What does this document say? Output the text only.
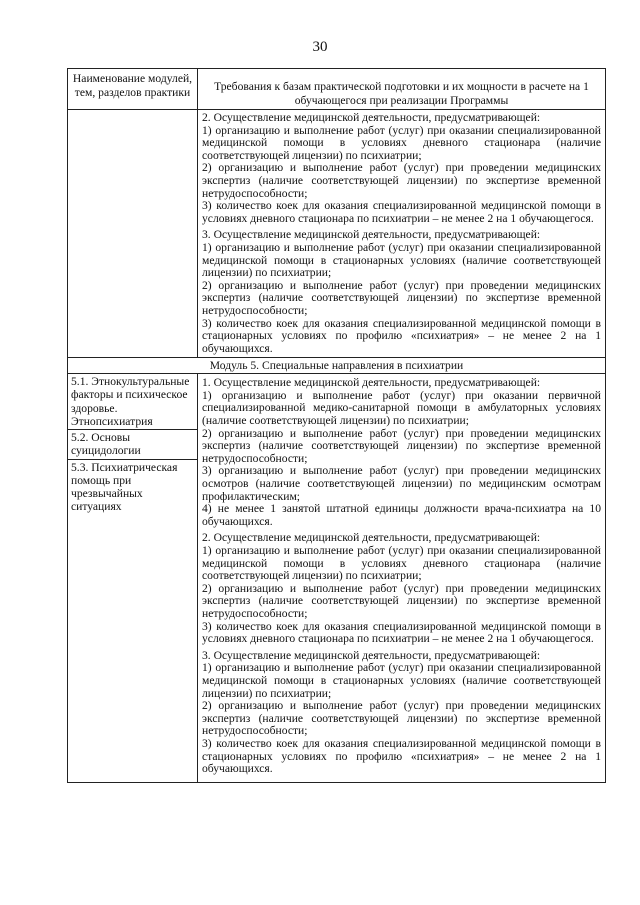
30
Наименование модулей, тем, разделов практики	Требования к базам практической подготовки и их мощности в расчете на 1 обучающегося при реализации Программы

2. Осуществление медицинской деятельности, предусматривающей:

1) организацию и выполнение работ (услуг) при оказании специализированной медицинской помощи в условиях дневного стационара (наличие соответствующей лицензии) по психиатрии;

2) организацию и выполнение работ (услуг) при проведении медицинских экспертиз (наличие соответствующей лицензии) по экспертизе временной нетрудоспособности;

3) количество коек для оказания специализированной медицинской помощи в условиях дневного стационара по психиатрии – не менее 2 на 1 обучающегося.

3. Осуществление медицинской деятельности, предусматривающей:

1) организацию и выполнение работ (услуг) при оказании специализированной медицинской помощи в стационарных условиях (наличие соответствующей лицензии) по психиатрии;

2) организацию и выполнение работ (услуг) при проведении медицинских экспертиз (наличие соответствующей лицензии) по экспертизе временной нетрудоспособности;

3) количество коек для оказания специализированной медицинской помощи в стационарных условиях по профилю «психиатрия» – не менее 2 на 1 обучающихся.

Модуль 5. Специальные направления в психиатрии
5.1. Этнокультуральные факторы и психическое здоровье. Этнопсихиатрия
5.2. Основы суицидологии
5.3. Психиатрическая помощь при чрезвычайных ситуациях

1. Осуществление медицинской деятельности, предусматривающей:

1) организацию и выполнение работ (услуг) при оказании первичной специализированной медико-санитарной помощи в амбулаторных условиях (наличие соответствующей лицензии) по психиатрии;

2) организацию и выполнение работ (услуг) при проведении медицинских экспертиз (наличие соответствующей лицензии) по экспертизе временной нетрудоспособности;

3) организацию и выполнение работ (услуг) при проведении медицинских осмотров (наличие соответствующей лицензии) по медицинским осмотрам профилактическим;

4) не менее 1 занятой штатной единицы должности врача-психиатра на 10 обучающихся.

2. Осуществление медицинской деятельности, предусматривающей:

1) организацию и выполнение работ (услуг) при оказании специализированной медицинской помощи в условиях дневного стационара (наличие соответствующей лицензии) по психиатрии;

2) организацию и выполнение работ (услуг) при проведении медицинских экспертиз (наличие соответствующей лицензии) по экспертизе временной нетрудоспособности;

3) количество коек для оказания специализированной медицинской помощи в условиях дневного стационара по психиатрии – не менее 2 на 1 обучающегося.

3. Осуществление медицинской деятельности, предусматривающей:

1) организацию и выполнение работ (услуг) при оказании специализированной медицинской помощи в стационарных условиях (наличие соответствующей лицензии) по психиатрии;

2) организацию и выполнение работ (услуг) при проведении медицинских экспертиз (наличие соответствующей лицензии) по экспертизе временной нетрудоспособности;

3) количество коек для оказания специализированной медицинской помощи в стационарных условиях по профилю «психиатрия» – не менее 2 на 1 обучающихся.
